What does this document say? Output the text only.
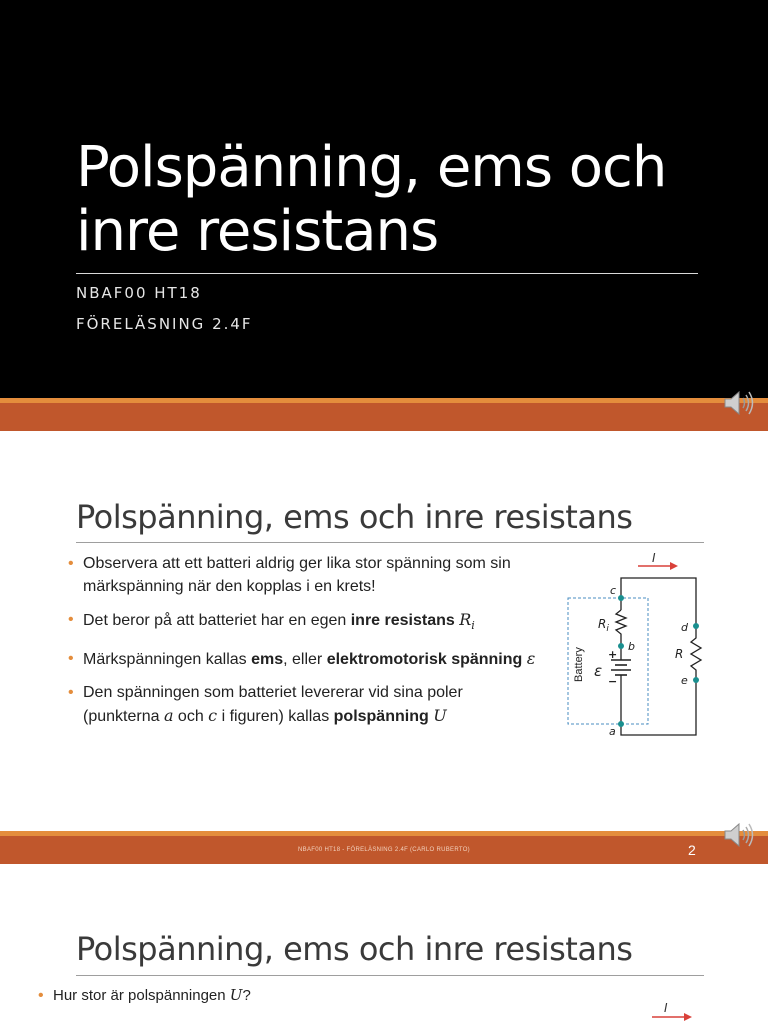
Polspänning, ems och
inre resistans
NBAF00 HT18
FÖRELÄSNING 2.4F
Polspänning, ems och inre resistans
• Observera att ett batteri aldrig ger lika stor spänning som sin märkspänning när den kopplas i en krets!
• Det beror på att batteriet har en egen inre resistans $R_i$
• Märkspänningen kallas ems, eller elektromotorisk spänning ε
• Den spänningen som batteriet levererar vid sina poler (punkterna a och c i figuren) kallas polspänning U
I
c
b
a
d
e
R
$R_i$
ε
+
−
Battery
NBAF00 HT18 - FÖRELÄSNING 2.4F (CARLO RUBERTO)	2
Polspänning, ems och inre resistans
• Hur stor är polspänningen U?
I
